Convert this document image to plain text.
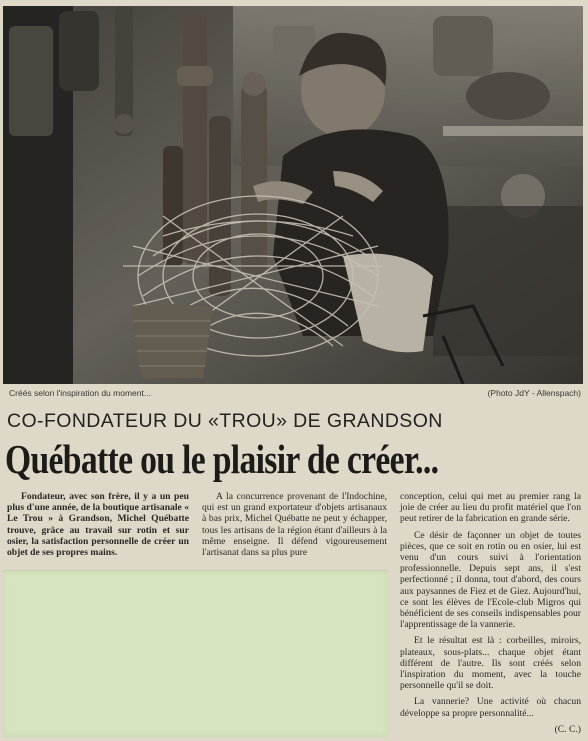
Créés selon l'inspiration du moment...	(Photo JdY - Allenspach)
CO-FONDATEUR DU «TROU» DE GRANDSON
Québatte ou le plaisir de créer...

Fondateur, avec son frère, il y a un peu plus d'une année, de la boutique artisanale « Le Trou » à Grandson, Michel Québatte trouve, grâce au travail sur rotin et sur osier, la satisfaction personnelle de créer un objet de ses propres mains.

A la concurrence provenant de l'Indochine, qui est un grand exportateur d'objets artisanaux à bas prix, Michel Québatte ne peut y échapper, tous les artisans de la région étant d'ailleurs à la même enseigne. Il défend vigoureusement l'artisanat dans sa plus pure

conception, celui qui met au premier rang la joie de créer au lieu du profit matériel que l'on peut retirer de la fabrication en grande série.

Ce désir de façonner un objet de toutes pièces, que ce soit en rotin ou en osier, lui est venu d'un cours suivi à l'orientation professionnelle. Depuis sept ans, il s'est perfectionné ; il donna, tout d'abord, des cours aux paysannes de Fiez et de Giez. Aujourd'hui, ce sont les élèves de l'Ecole-club Migros qui bénéficient de ses conseils indispensables pour l'apprentissage de la vannerie.

Et le résultat est là : corbeilles, miroirs, plateaux, sous-plats... chaque objet étant différent de l'autre. Ils sont créés selon l'inspiration du moment, avec la touche personnelle qu'il se doit.

La vannerie? Une activité où chacun développe sa propre personnalité...

(C. C.)
